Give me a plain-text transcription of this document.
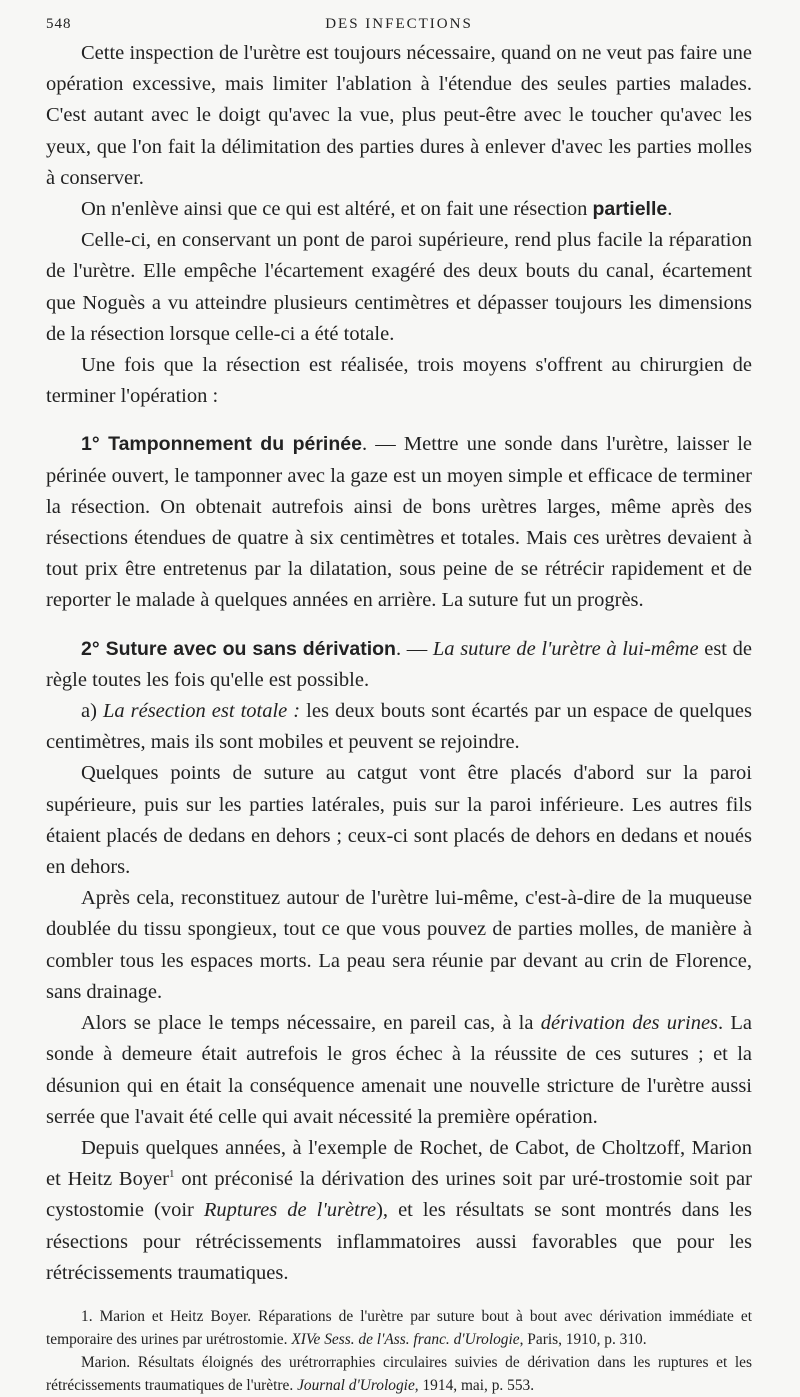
548	DES INFECTIONS

Cette inspection de l'urètre est toujours nécessaire, quand on ne veut pas faire une opération excessive, mais limiter l'ablation à l'étendue des seules parties malades. C'est autant avec le doigt qu'avec la vue, plus peut-être avec le toucher qu'avec les yeux, que l'on fait la délimitation des parties dures à enlever d'avec les parties molles à conserver.

On n'enlève ainsi que ce qui est altéré, et on fait une résection partielle.

Celle-ci, en conservant un pont de paroi supérieure, rend plus facile la réparation de l'urètre. Elle empêche l'écartement exagéré des deux bouts du canal, écartement que Noguès a vu atteindre plusieurs centimètres et dépasser toujours les dimensions de la résection lorsque celle-ci a été totale.

Une fois que la résection est réalisée, trois moyens s'offrent au chirurgien de terminer l'opération :

1° Tamponnement du périnée. — Mettre une sonde dans l'urètre, laisser le périnée ouvert, le tamponner avec la gaze est un moyen simple et efficace de terminer la résection. On obtenait autrefois ainsi de bons urètres larges, même après des résections étendues de quatre à six centimètres et totales. Mais ces urètres devaient à tout prix être entretenus par la dilatation, sous peine de se rétrécir rapidement et de reporter le malade à quelques années en arrière. La suture fut un progrès.

2° Suture avec ou sans dérivation. — La suture de l'urètre à lui-même est de règle toutes les fois qu'elle est possible.

a) La résection est totale : les deux bouts sont écartés par un espace de quelques centimètres, mais ils sont mobiles et peuvent se rejoindre.

Quelques points de suture au catgut vont être placés d'abord sur la paroi supérieure, puis sur les parties latérales, puis sur la paroi inférieure. Les autres fils étaient placés de dedans en dehors ; ceux-ci sont placés de dehors en dedans et noués en dehors.

Après cela, reconstituez autour de l'urètre lui-même, c'est-à-dire de la muqueuse doublée du tissu spongieux, tout ce que vous pouvez de parties molles, de manière à combler tous les espaces morts. La peau sera réunie par devant au crin de Florence, sans drainage.

Alors se place le temps nécessaire, en pareil cas, à la dérivation des urines. La sonde à demeure était autrefois le gros échec à la réussite de ces sutures ; et la désunion qui en était la conséquence amenait une nouvelle stricture de l'urètre aussi serrée que l'avait été celle qui avait nécessité la première opération.

Depuis quelques années, à l'exemple de Rochet, de Cabot, de Choltzoff, Marion et Heitz Boyer$^1$ ont préconisé la dérivation des urines soit par uré-trostomie soit par cystostomie (voir Ruptures de l'urètre), et les résultats se sont montrés dans les résections pour rétrécissements inflammatoires aussi favorables que pour les rétrécissements traumatiques.

1. Marion et Heitz Boyer. Réparations de l'urètre par suture bout à bout avec dérivation immédiate et temporaire des urines par urétrostomie. XIVe Sess. de l'Ass. franc. d'Urologie, Paris, 1910, p. 310.

Marion. Résultats éloignés des urétrorraphies circulaires suivies de dérivation dans les ruptures et les rétrécissements traumatiques de l'urètre. Journal d'Urologie, 1914, mai, p. 553.
